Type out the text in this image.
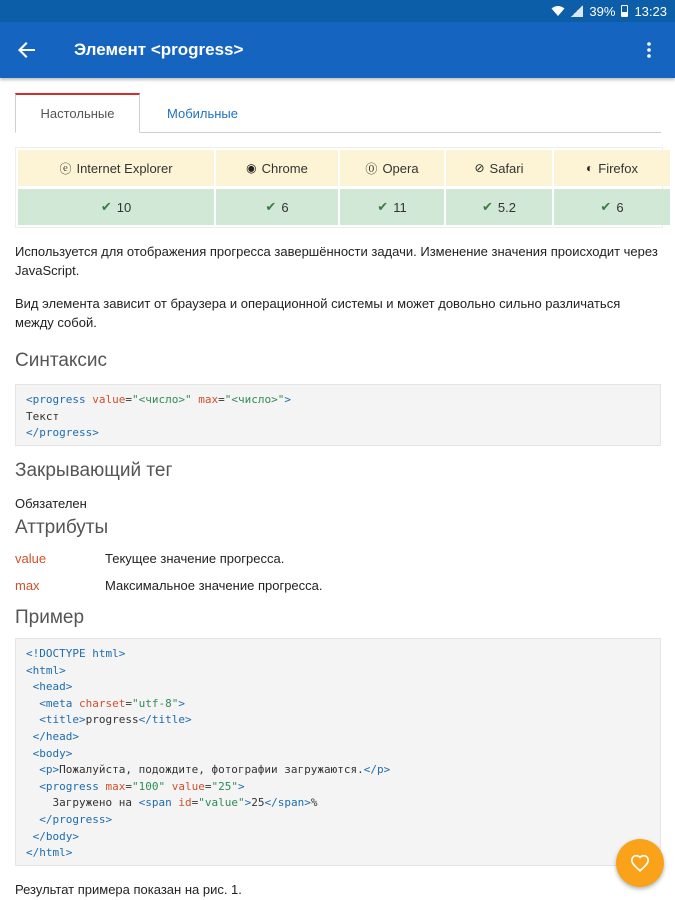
39% 13:23
Элемент <progress>
Настольные	Мобильные
ⓔ Internet Explorer	◉ Chrome	⓪ Opera	⊘ Safari	◐ Firefox
✔ 10	✔ 6	✔ 11	✔ 5.2	✔ 6

Используется для отображения прогресса завершённости задачи. Изменение значения происходит через JavaScript.

Вид элемента зависит от браузера и операционной системы и может довольно сильно различаться между собой.

Синтаксис
<progress value="<число>" max="<число>">
Текст
</progress>
Закрывающий тег
Обязателен
Аттрибуты
value	Текущее значение прогресса.
max	Максимальное значение прогресса.
Пример
<!DOCTYPE html>
<html>
<head>
<meta charset="utf-8">
<title>progress</title>
</head>
<body>
<p>Пожалуйста, подождите, фотографии загружаются.</p>
<progress max="100" value="25">
Загружено на <span id="value">25</span>%
</progress>
</body>
</html>
Результат примера показан на рис. 1.
